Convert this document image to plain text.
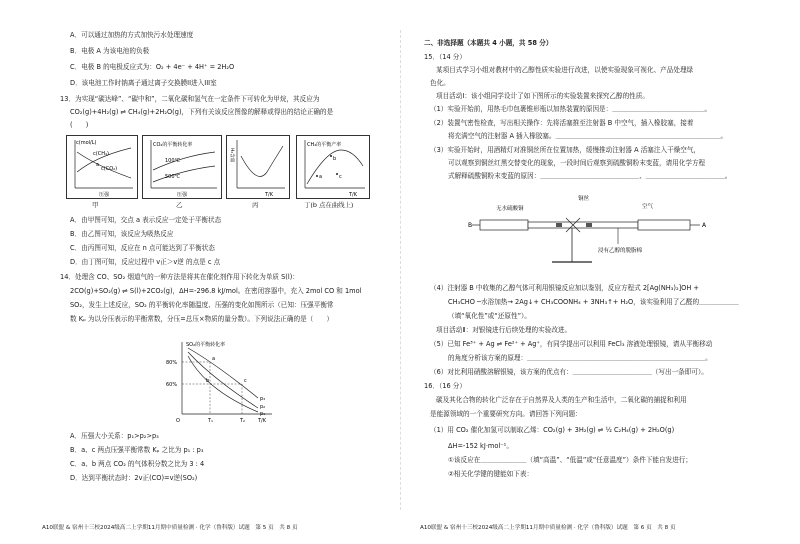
A．可以通过加热的方式加快污水处理速度
B．电极 A 为该电池的负极
C．电极 B 的电极反应式为：O₂ + 4e⁻ + 4H⁺ = 2H₂O
D．该电池工作时钠离子通过离子交换膜II进入III室
13．为实现“碳达峰”、“碳中和”，二氧化碳和氢气在一定条件下可转化为甲烷，其反应为
CO₂(g)+4H₂(g) ⇌ CH₄(g)+2H₂O(g)，下列有关该反应图像的解释或得出的结论正确的是
(　　)
c(mol/L)
c(CH₄)
c(CO₂)
a
压强
CO₂的平衡转化率
100℃
500℃
压强
H₂含量
T/K
CH₄的平衡产率
a
b
c
T/K
甲	乙	丙	丁(b 点在曲线上)
A．由甲图可知，交点 a 表示反应一定处于平衡状态
B．由乙图可知，该反应为吸热反应
C．由丙图可知，反应在 n 点可能达到了平衡状态
D．由丁图可知，反应过程中 v正＞v逆 的点是 c 点
14．处理含 CO、SO₂ 烟道气的一种方法是将其在催化剂作用下转化为单质 S(l)：
2CO(g)+SO₂(g) ⇌ S(l)+2CO₂(g)，ΔH=-296.8 kJ/mol。在密闭容器中，充入 2mol CO 和 1mol
SO₂，发生上述反应，SO₂ 的平衡转化率随温度、压强的变化如图所示（已知：压强平衡常
数 Kₚ 为以分压表示的平衡常数，分压=总压×物质的量分数）。下列说法正确的是（　　）
SO₂的平衡转化率
80%
60%
O	T₁	T₂	T/K
p₃
p₂
p₁
a
b	c
A．压强大小关系：p₁>p₂>p₃
B．a、c 两点压强平衡常数 Kₚ 之比为 p₁ : p₃
C．a、b 两点 CO₂ 的气体积分数之比为 3 : 4
D．达到平衡状态时：2v正(CO)=v逆(SO₂)
A10联盟 & 宿州十三校2024级高二上学期11月期中质量检测 · 化学（鲁科版）试题　第 5 页　共 8 页
二、非选择题（本题共 4 小题，共 58 分）
15．（14 分）
某项目式学习小组对教材中的乙醇性质实验进行改进，以使实验现象可视化、产品处理绿
色化。
项目活动Ⅰ：该小组同学设计了如下图所示的实验装置来探究乙醇的性质。
（1）实验开始前，用热毛巾包裹锥形瓶以加热装置的原因是：＿＿＿＿＿＿＿＿＿＿＿＿＿＿。
（2）装置气密性检查，写出相关操作：先将活塞推至注射器 B 中空气，插入橡胶塞，接着
将充满空气的注射器 A 插入橡胶塞。＿＿＿＿＿＿＿＿＿＿＿＿＿＿＿＿＿＿＿＿＿＿＿＿＿。
（3）实验开始时，用酒精灯对准铜丝所在位置加热，缓慢推动注射器 A 活塞注入干燥空气，
可以观察到铜丝红黑交替变化的现象，一段时间后观察到硫酸铜粉末变蓝，请用化学方程
式解释硫酸铜粉末变蓝的原因：＿＿＿＿＿＿＿＿＿＿＿＿＿＿＿、＿＿＿＿＿＿＿＿＿＿＿＿。
无水硫酸铜
铜丝
空气
B	A
浸有乙醇的脱脂棉
（4）注射器 B 中收集的乙醇气体可利用银镜反应加以鉴别，反应方程式 2[Ag(NH₃)₂]OH +
CH₃CHO ─水浴加热→ 2Ag↓+ CH₃COONH₄ + 3NH₃↑+ H₂O，该实验利用了乙醛的＿＿＿＿＿＿
（填“氧化性”或“还原性”）。
项目活动Ⅱ：对银镜进行后续处理的实验改进。
（5）已知 Fe³⁺ + Ag ⇌ Fe²⁺ + Ag⁺，有同学提出可以利用 FeCl₃ 溶液处理银镜，请从平衡移动
的角度分析该方案的原理：＿＿＿＿＿＿＿＿＿＿＿＿＿＿＿＿＿＿＿＿＿＿＿＿＿＿＿。
（6）对比利用硝酸溶解银镜，该方案的优点有：＿＿＿＿＿＿＿＿＿＿＿＿（写出一条即可）。
16．（16 分）
碳及其化合物的转化广泛存在于自然界及人类的生产和生活中，二氧化碳的捕捉和利用
是能源领域的一个重要研究方向。请回答下列问题：
（1）用 CO₂ 催化加氢可以制取乙烯：CO₂(g) + 3H₂(g) ⇌ ½ C₂H₄(g) + 2H₂O(g)
ΔH=-152 kJ·mol⁻¹。
①该反应在＿＿＿＿＿＿＿（填“高温”、“低温”或“任意温度”）条件下能自发进行；
②相关化学键的键能如下表：
A10联盟 & 宿州十三校2024级高二上学期11月期中质量检测 · 化学（鲁科版）试题　第 6 页　共 8 页
